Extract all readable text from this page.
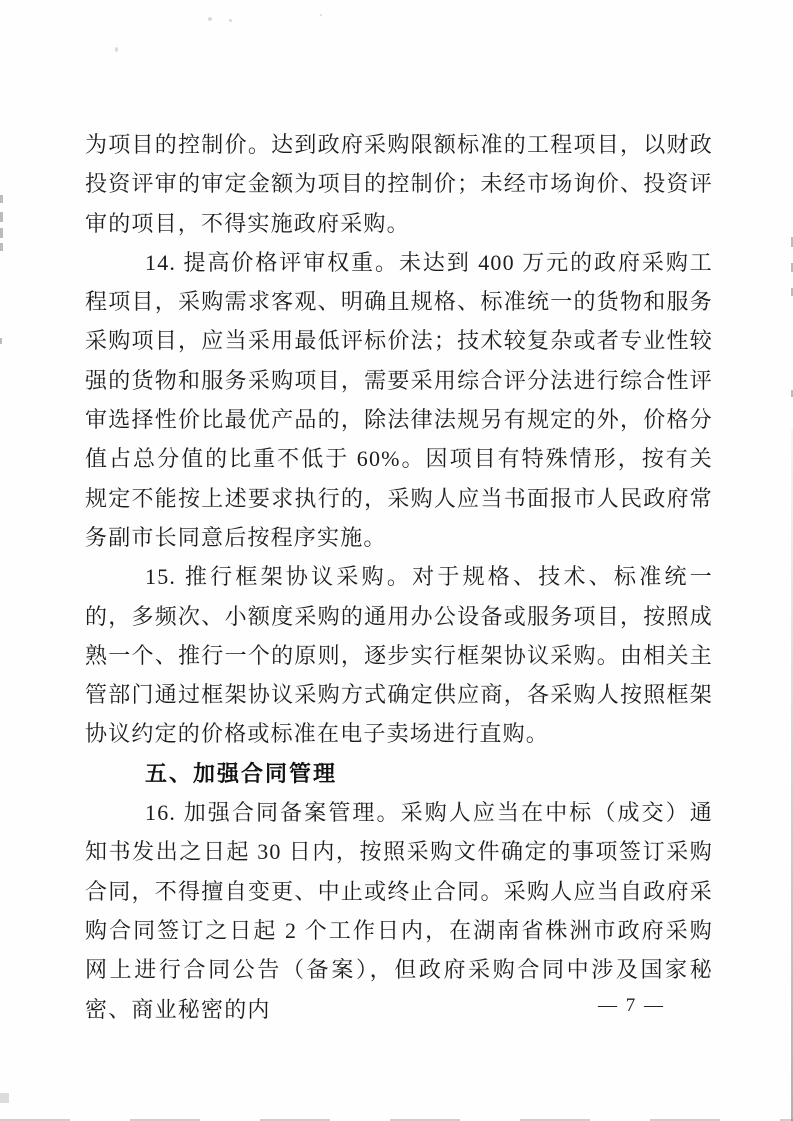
为项目的控制价。达到政府采购限额标准的工程项目，以财政投资评审的审定金额为项目的控制价；未经市场询价、投资评审的项目，不得实施政府采购。

14. 提高价格评审权重。未达到 400 万元的政府采购工程项目，采购需求客观、明确且规格、标准统一的货物和服务采购项目，应当采用最低评标价法；技术较复杂或者专业性较强的货物和服务采购项目，需要采用综合评分法进行综合性评审选择性价比最优产品的，除法律法规另有规定的外，价格分值占总分值的比重不低于 60%。因项目有特殊情形，按有关规定不能按上述要求执行的，采购人应当书面报市人民政府常务副市长同意后按程序实施。

15. 推行框架协议采购。对于规格、技术、标准统一的，多频次、小额度采购的通用办公设备或服务项目，按照成熟一个、推行一个的原则，逐步实行框架协议采购。由相关主管部门通过框架协议采购方式确定供应商，各采购人按照框架协议约定的价格或标准在电子卖场进行直购。

五、加强合同管理

16. 加强合同备案管理。采购人应当在中标（成交）通知书发出之日起 30 日内，按照采购文件确定的事项签订采购合同，不得擅自变更、中止或终止合同。采购人应当自政府采购合同签订之日起 2 个工作日内，在湖南省株洲市政府采购网上进行合同公告（备案），但政府采购合同中涉及国家秘密、商业秘密的内	— 7 —
